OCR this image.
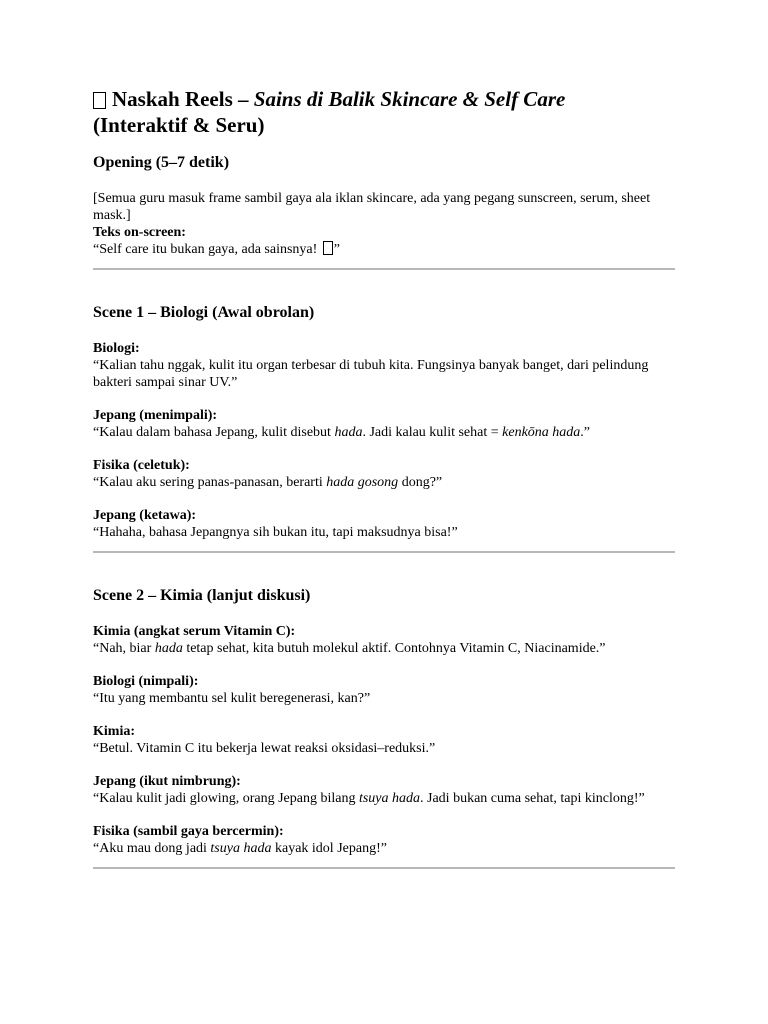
Naskah Reels – Sains di Balik Skincare & Self Care
(Interaktif & Seru)
Opening (5–7 detik)

[Semua guru masuk frame sambil gaya ala iklan skincare, ada yang pegang sunscreen, serum, sheet mask.]

Teks on-screen:
“Self care itu bukan gaya, ada sainsnya! ”

Scene 1 – Biologi (Awal obrolan)

Biologi:
“Kalian tahu nggak, kulit itu organ terbesar di tubuh kita. Fungsinya banyak banget, dari pelindung bakteri sampai sinar UV.”

Jepang (menimpali):
“Kalau dalam bahasa Jepang, kulit disebut hada. Jadi kalau kulit sehat = kenkōna hada.”

Fisika (celetuk):
“Kalau aku sering panas-panasan, berarti hada gosong dong?”

Jepang (ketawa):
“Hahaha, bahasa Jepangnya sih bukan itu, tapi maksudnya bisa!”

Scene 2 – Kimia (lanjut diskusi)

Kimia (angkat serum Vitamin C):
“Nah, biar hada tetap sehat, kita butuh molekul aktif. Contohnya Vitamin C, Niacinamide.”

Biologi (nimpali):
“Itu yang membantu sel kulit beregenerasi, kan?”

Kimia:
“Betul. Vitamin C itu bekerja lewat reaksi oksidasi–reduksi.”

Jepang (ikut nimbrung):
“Kalau kulit jadi glowing, orang Jepang bilang tsuya hada. Jadi bukan cuma sehat, tapi kinclong!”

Fisika (sambil gaya bercermin):
“Aku mau dong jadi tsuya hada kayak idol Jepang!”
